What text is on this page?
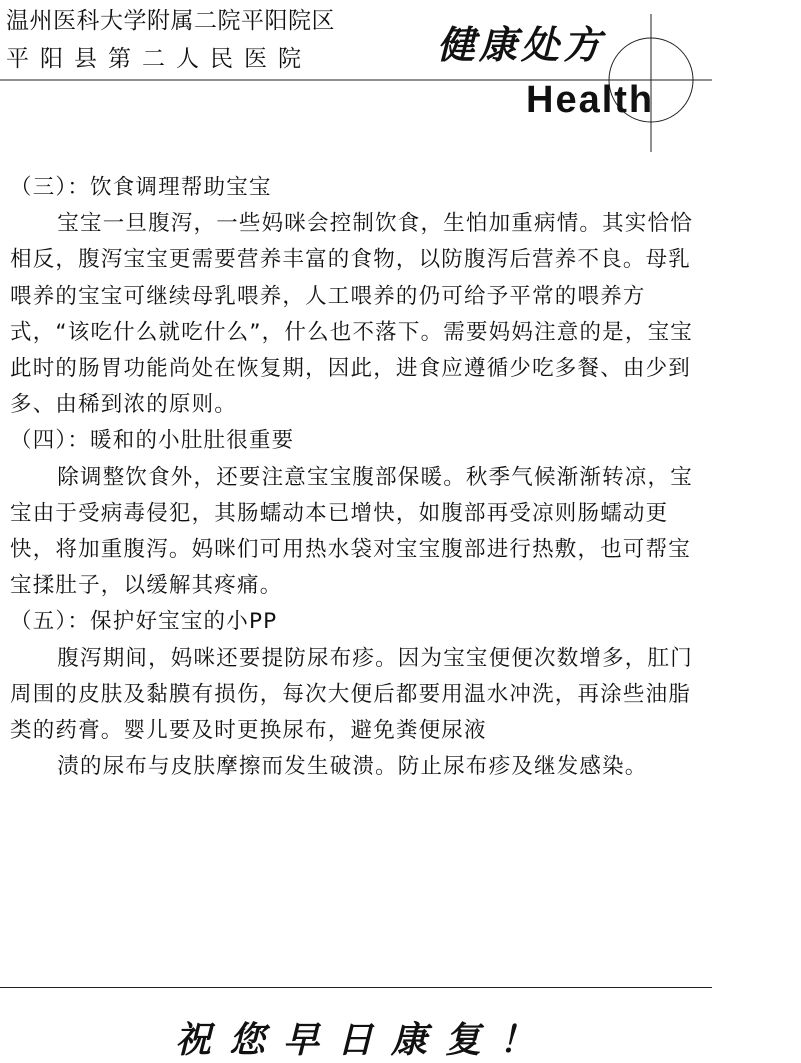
温州医科大学附属二院平阳院区
平阳县第二人民医院	健康处方
Health

（三）：饮食调理帮助宝宝

宝宝一旦腹泻，一些妈咪会控制饮食，生怕加重病情。其实恰恰相反，腹泻宝宝更需要营养丰富的食物，以防腹泻后营养不良。母乳喂养的宝宝可继续母乳喂养，人工喂养的仍可给予平常的喂养方式，“该吃什么就吃什么”，什么也不落下。需要妈妈注意的是，宝宝此时的肠胃功能尚处在恢复期，因此，进食应遵循少吃多餐、由少到多、由稀到浓的原则。

（四）：暖和的小肚肚很重要

除调整饮食外，还要注意宝宝腹部保暖。秋季气候渐渐转凉，宝宝由于受病毒侵犯，其肠蠕动本已增快，如腹部再受凉则肠蠕动更快，将加重腹泻。妈咪们可用热水袋对宝宝腹部进行热敷，也可帮宝宝揉肚子，以缓解其疼痛。

（五）：保护好宝宝的小PP

腹泻期间，妈咪还要提防尿布疹。因为宝宝便便次数增多，肛门周围的皮肤及黏膜有损伤，每次大便后都要用温水冲洗，再涂些油脂类的药膏。婴儿要及时更换尿布，避免粪便尿液

渍的尿布与皮肤摩擦而发生破溃。防止尿布疹及继发感染。

祝您早日康复！
